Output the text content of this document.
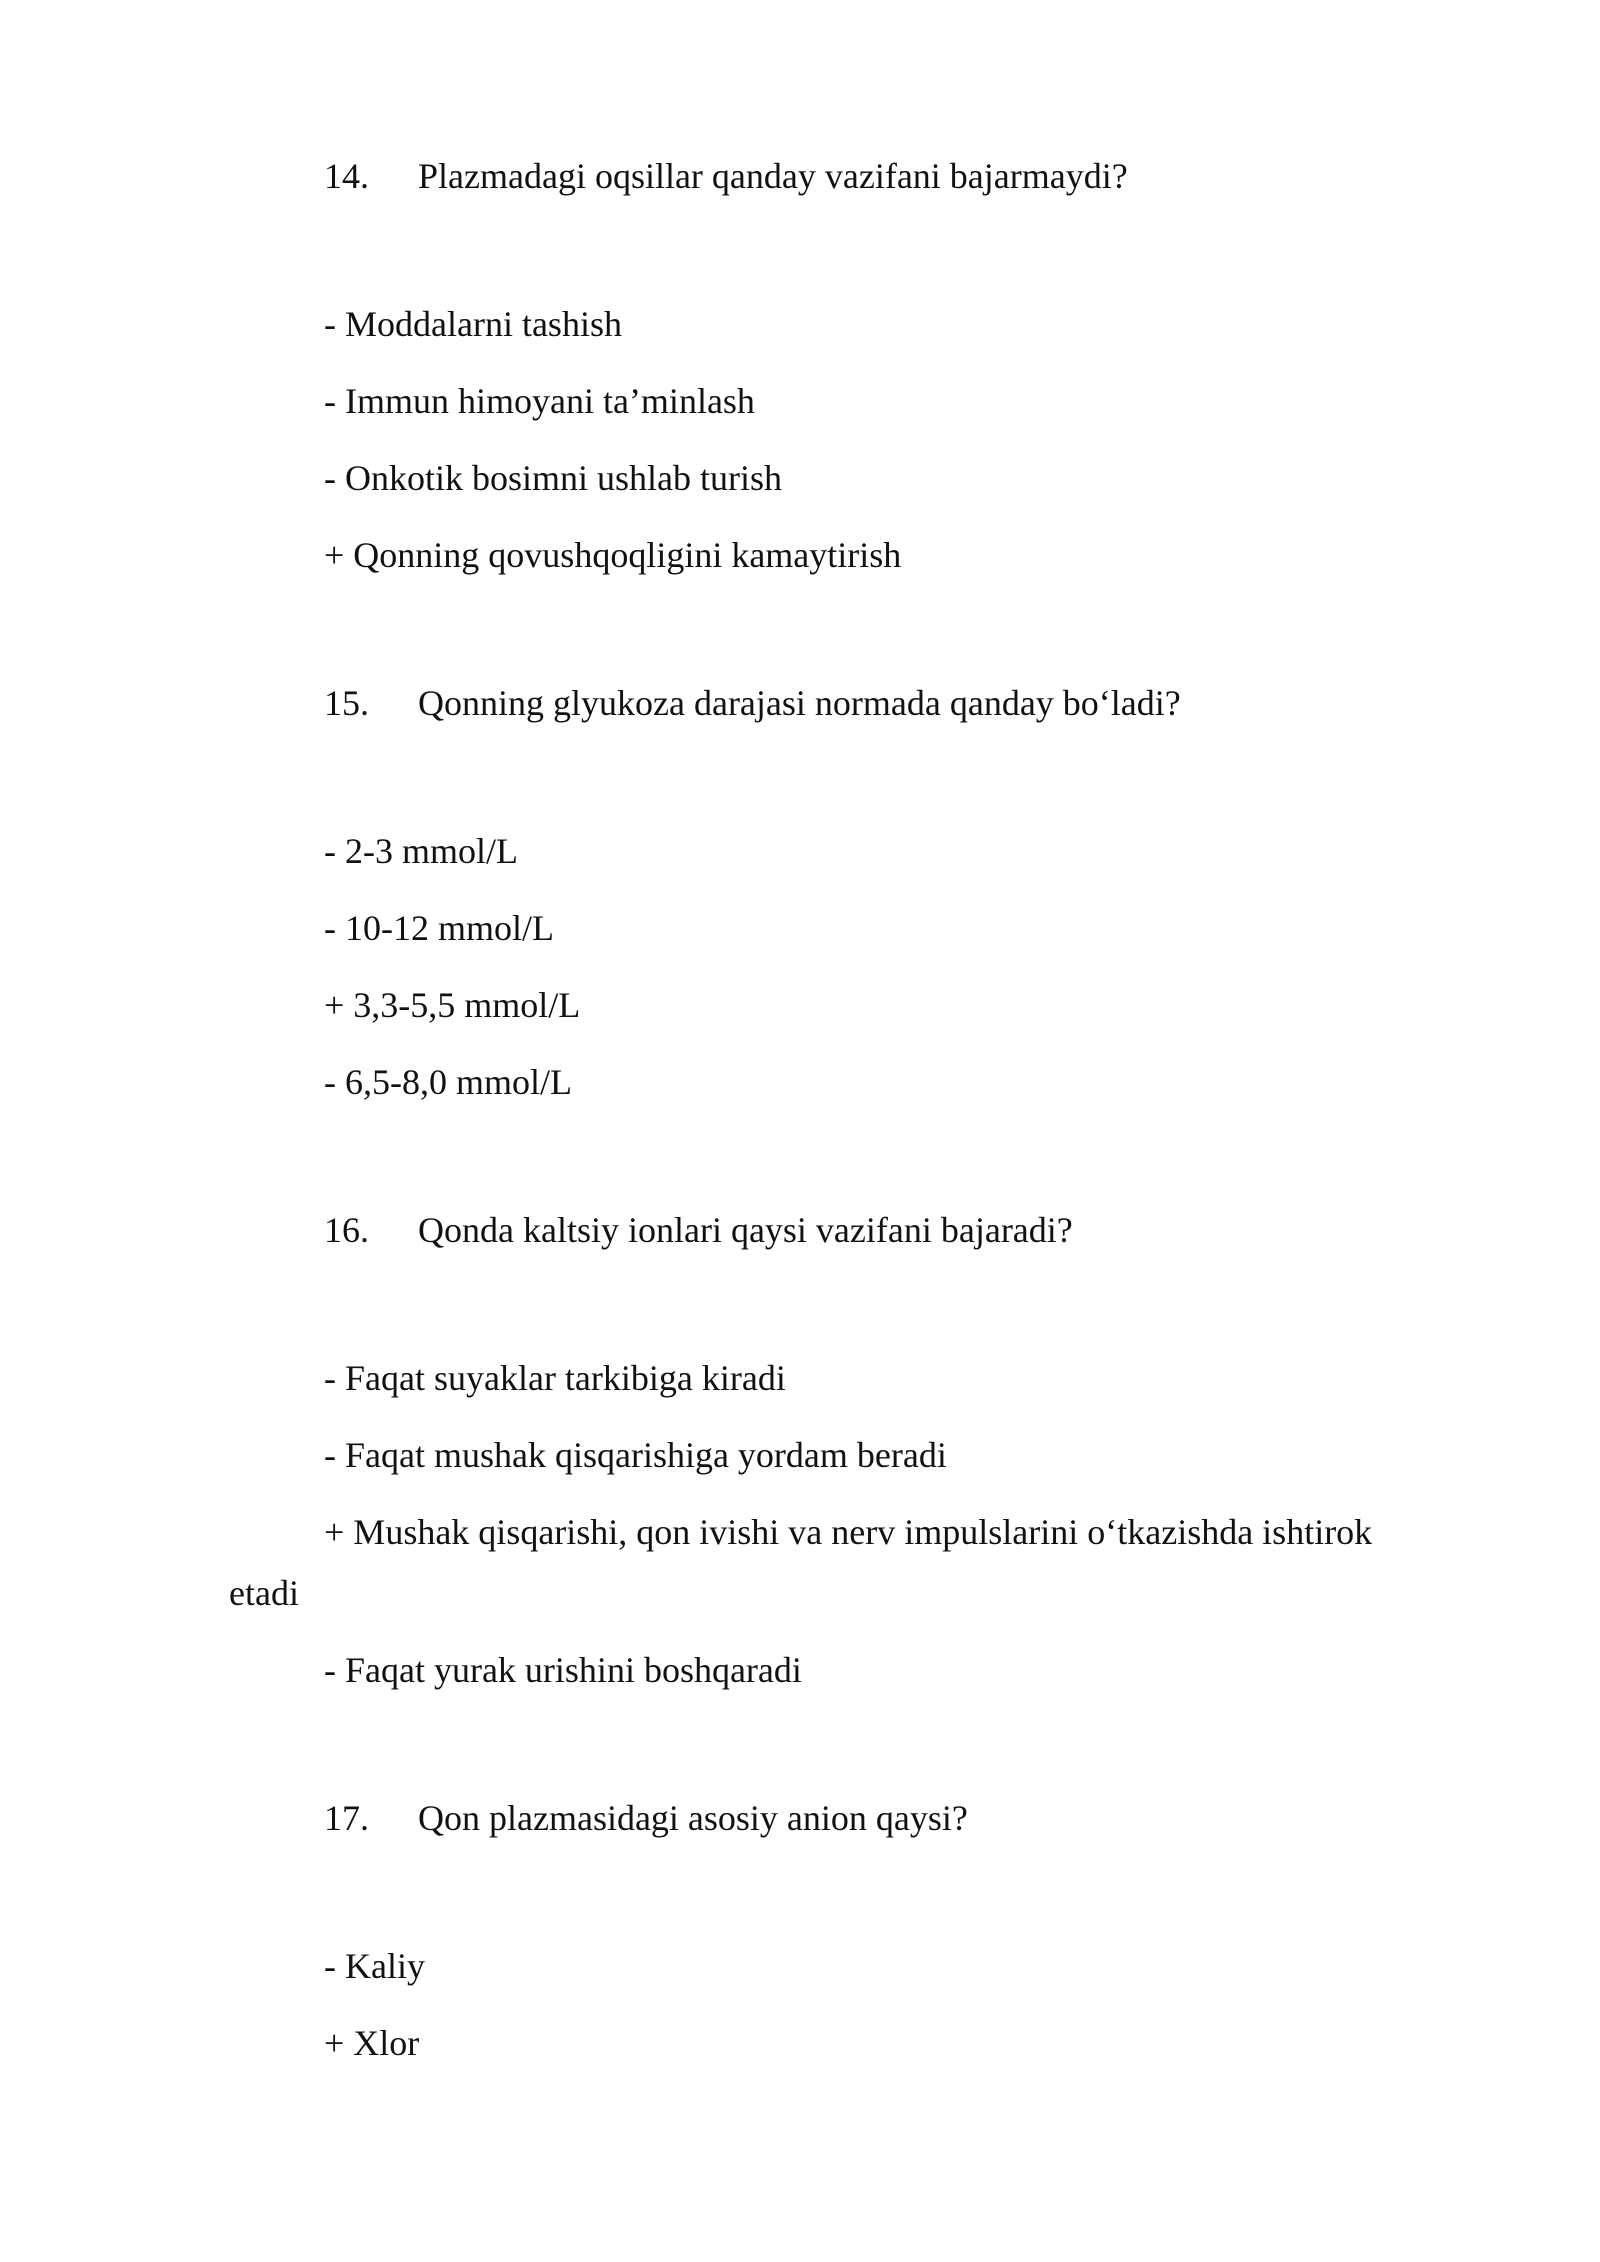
14. Plazmadagi oqsillar qanday vazifani bajarmaydi?
- Moddalarni tashish
- Immun himoyani ta’minlash
- Onkotik bosimni ushlab turish
+ Qonning qovushqoqligini kamaytirish
15. Qonning glyukoza darajasi normada qanday bo‘ladi?
- 2-3 mmol/L
- 10-12 mmol/L
+ 3,3-5,5 mmol/L
- 6,5-8,0 mmol/L
16. Qonda kaltsiy ionlari qaysi vazifani bajaradi?
- Faqat suyaklar tarkibiga kiradi
- Faqat mushak qisqarishiga yordam beradi
+ Mushak qisqarishi, qon ivishi va nerv impulslarini o‘tkazishda ishtirok
etadi
- Faqat yurak urishini boshqaradi
17. Qon plazmasidagi asosiy anion qaysi?
- Kaliy
+ Xlor
